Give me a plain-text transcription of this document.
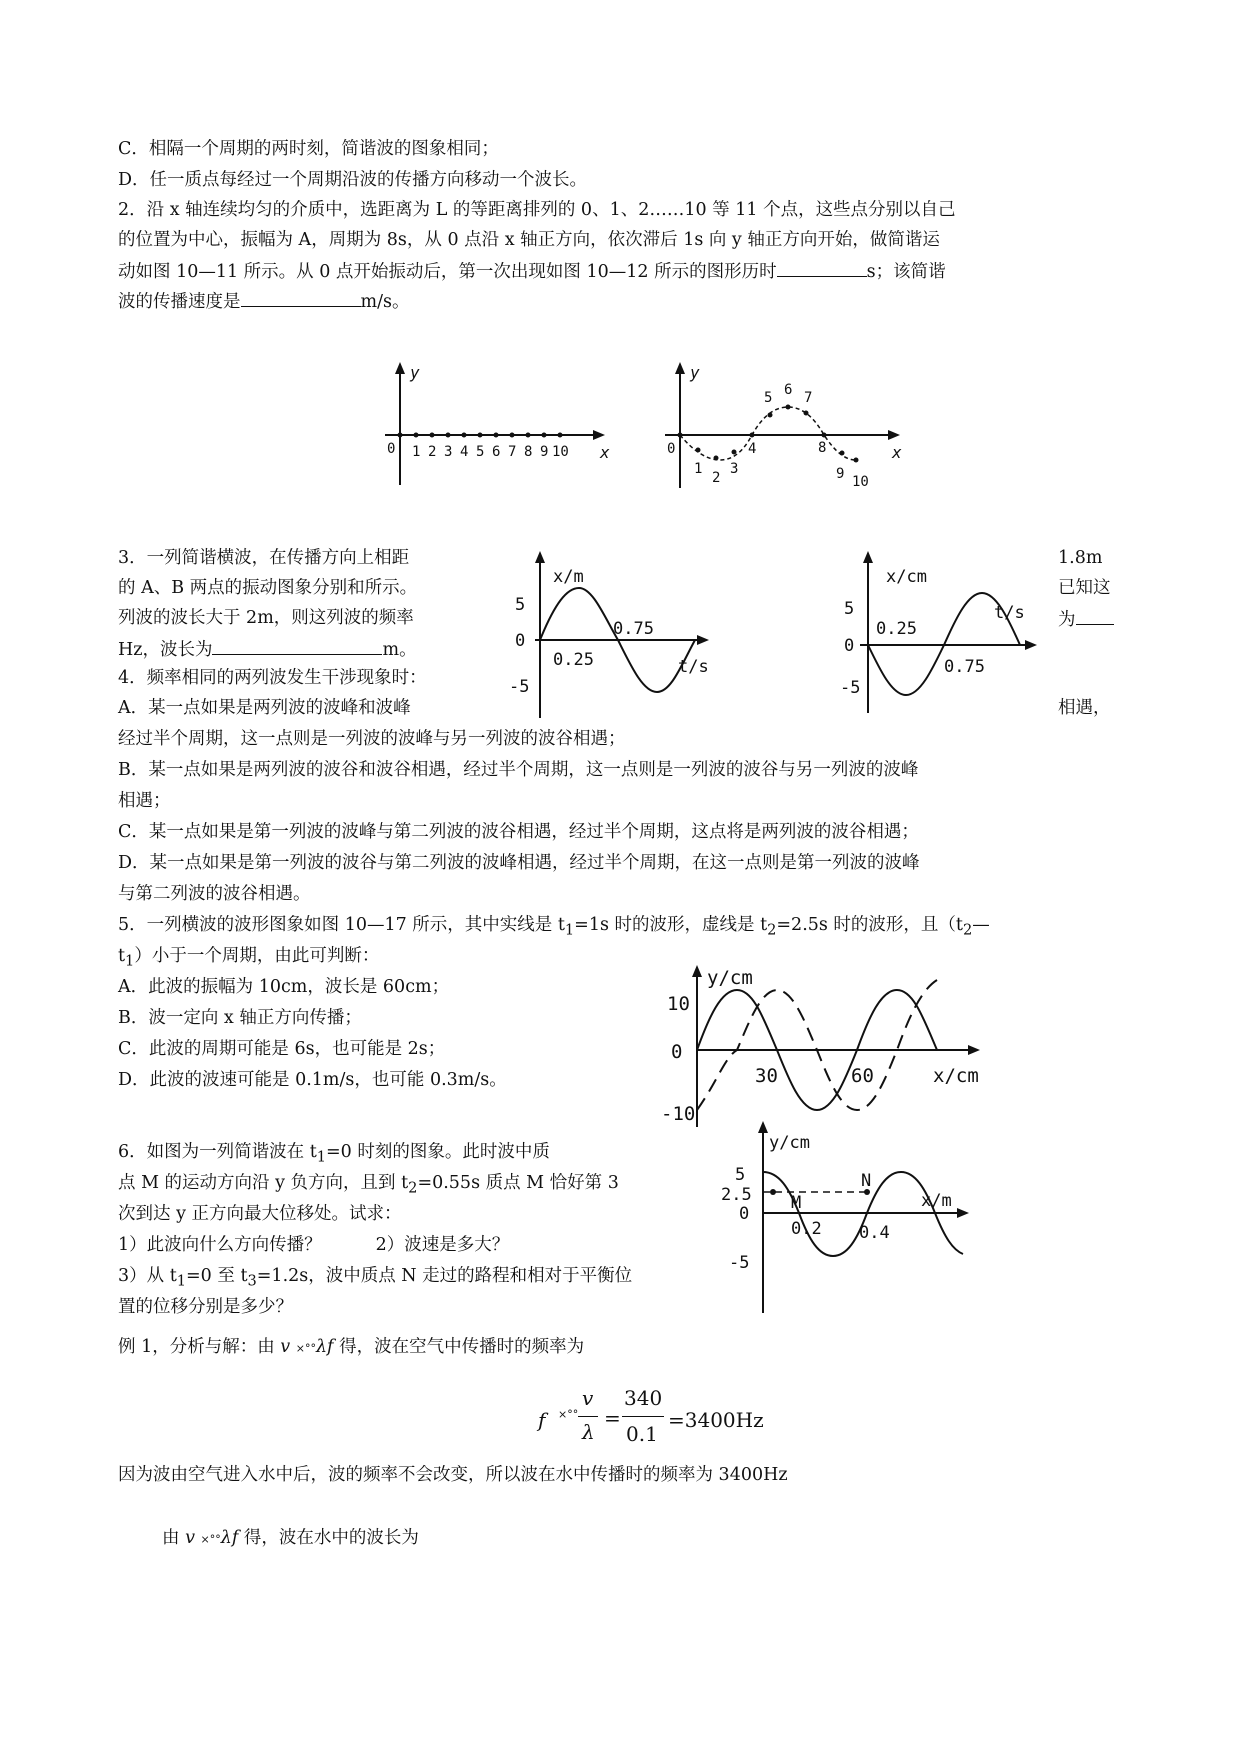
C．相隔一个周期的两时刻，简谐波的图象相同；
D．任一质点每经过一个周期沿波的传播方向移动一个波长。
2．沿 x 轴连续均匀的介质中，选距离为 L 的等距离排列的 0、1、2……10 等 11 个点，这些点分别以自己
的位置为中心，振幅为 A，周期为 8s，从 0 点沿 x 轴正方向，依次滞后 1s 向 y 轴正方向开始，做简谐运
动如图 10—11 所示。从 0 点开始振动后，第一次出现如图 10—12 所示的图形历时	s；该简谐
波的传播速度是	m/s。
y
x
0 1 2 3 4 5 6 7 8 9 10
y
x
0
1
2
3
4
5 6 7
8
9 10
3．一列简谐横波，在传播方向上相距
的 A、B 两点的振动图象分别和所示。
列波的波长大于 2m，则这列波的频率
Hz，波长为	m。
1.8m
已知这
为
x/m
5
0
-5
0.25
0.75
t/s
x/cm
5
0
-5
0.25
0.75
t/s
4．频率相同的两列波发生干涉现象时：
A．某一点如果是两列波的波峰和波峰	相遇，
经过半个周期，这一点则是一列波的波峰与另一列波的波谷相遇；
B．某一点如果是两列波的波谷和波谷相遇，经过半个周期，这一点则是一列波的波谷与另一列波的波峰
相遇；
C．某一点如果是第一列波的波峰与第二列波的波谷相遇，经过半个周期，这点将是两列波的波谷相遇；
D．某一点如果是第一列波的波谷与第二列波的波峰相遇，经过半个周期，在这一点则是第一列波的波峰
与第二列波的波谷相遇。
5．一列横波的波形图象如图 10—17 所示，其中实线是 $t_1=1s$ 时的波形，虚线是 $t_2=2.5s$ 时的波形，且（$t_2—$
$t_1$）小于一个周期，由此可判断：
A．此波的振幅为 10cm，波长是 60cm；
B．波一定向 x 轴正方向传播；
C．此波的周期可能是 6s，也可能是 2s；
D．此波的波速可能是 0.1m/s，也可能 0.3m/s。
y/cm
10
0
-10
30	60	x/cm
6．如图为一列简谐波在 $t_1=0$ 时刻的图象。此时波中质
点 M 的运动方向沿 y 负方向，且到 $t_2=0.55s$ 质点 M 恰好第 3
次到达 y 正方向最大位移处。试求：
1）此波向什么方向传播？	2）波速是多大？
3）从 $t_1=0$ 至 $t_3=1.2s$，波中质点 N 走过的路程和相对于平衡位
置的位移分别是多少？
y/cm
5
2.5
0
-5
0.2 0.4
x/m
M
N
例 1，分析与解：由 v ×°°λf 得，波在空气中传播时的频率为
f ×°°
v
λ
=
340
0.1
=3400Hz
因为波由空气进入水中后，波的频率不会改变，所以波在水中传播时的频率为 3400Hz
由 v ×°°λf 得，波在水中的波长为
